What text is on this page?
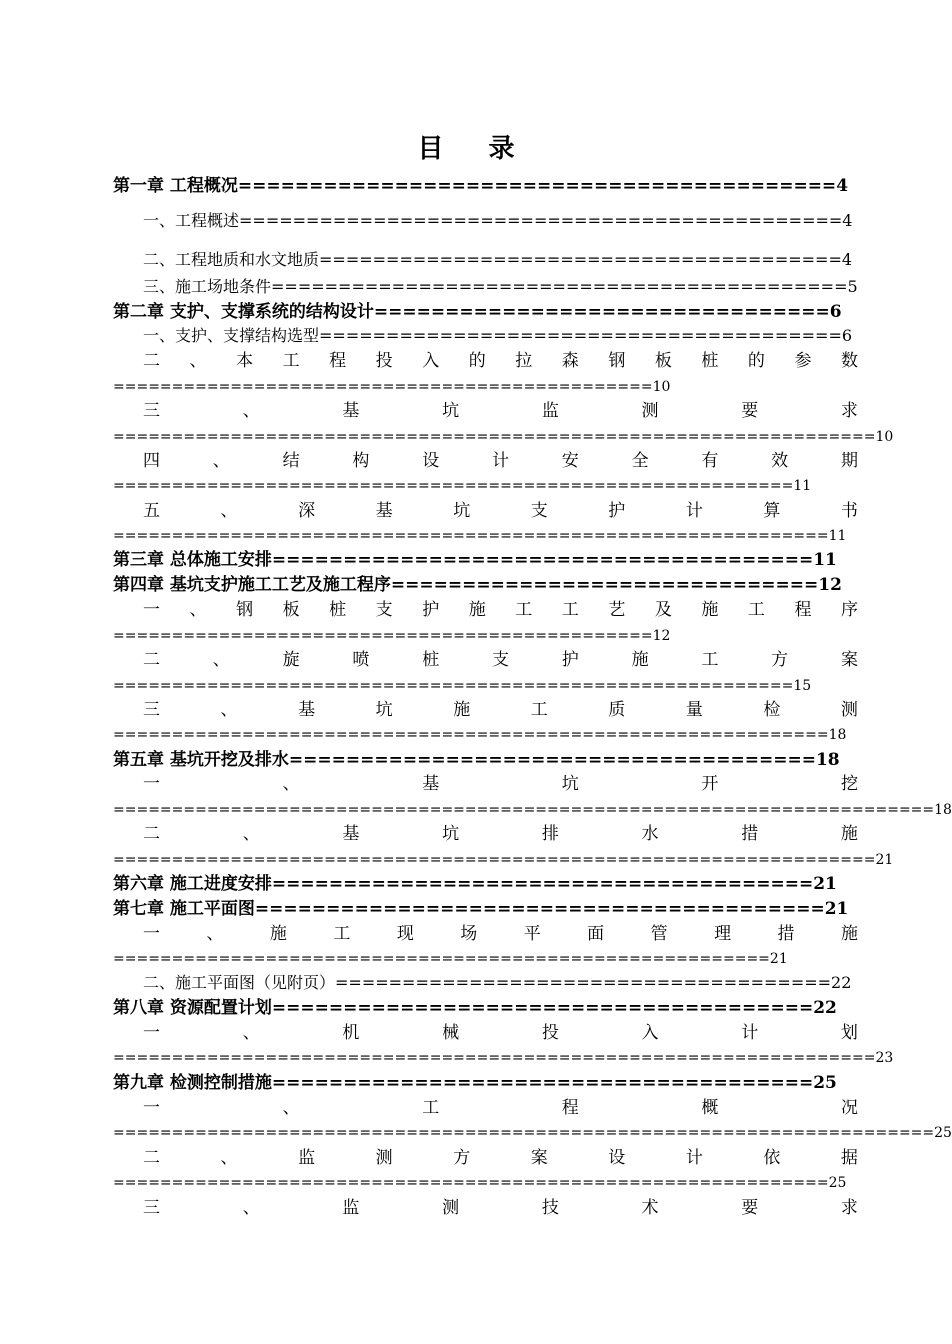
目 录
第一章 工程概况==========================================4
一、工程概述=============================================4
二、工程地质和水文地质=======================================4
三、施工场地条件===========================================5
第二章 支护、支撑系统的结构设计================================6
一、支护、支撑结构选型=======================================6
二 、 本 工 程 投 入 的 拉 森 钢 板 桩 的 参 数
==============================================10
三	、	基	坑	监	测	要	求
=================================================================10
四	、	结	构	设	计	安	全	有	效	期
==========================================================11
五	、	深	基	坑	支	护	计	算	书
=============================================================11
第三章 总体施工安排======================================11
第四章 基坑支护施工工艺及施工程序==============================12
一 、 钢 板 桩 支 护 施 工 工 艺 及 施 工 程 序
==============================================12
二	、	旋	喷	桩	支	护	施	工	方	案
==========================================================15
三	、	基	坑	施	工	质	量	检	测
=============================================================18
第五章 基坑开挖及排水=====================================18
一	、	基	坑	开	挖
======================================================================18
二	、	基	坑	排	水	措	施
=================================================================21
第六章 施工进度安排======================================21
第七章 施工平面图========================================21
一	、	施	工	现	场	平	面	管	理	措	施
========================================================21
二、施工平面图（见附页）=====================================22
第八章 资源配置计划======================================22
一	、	机	械	投	入	计	划
=================================================================23
第九章 检测控制措施======================================25
一	、	工	程	概	况
======================================================================25
二	、	监	测	方	案	设	计	依	据
=============================================================25
三	、	监	测	技	术	要	求
